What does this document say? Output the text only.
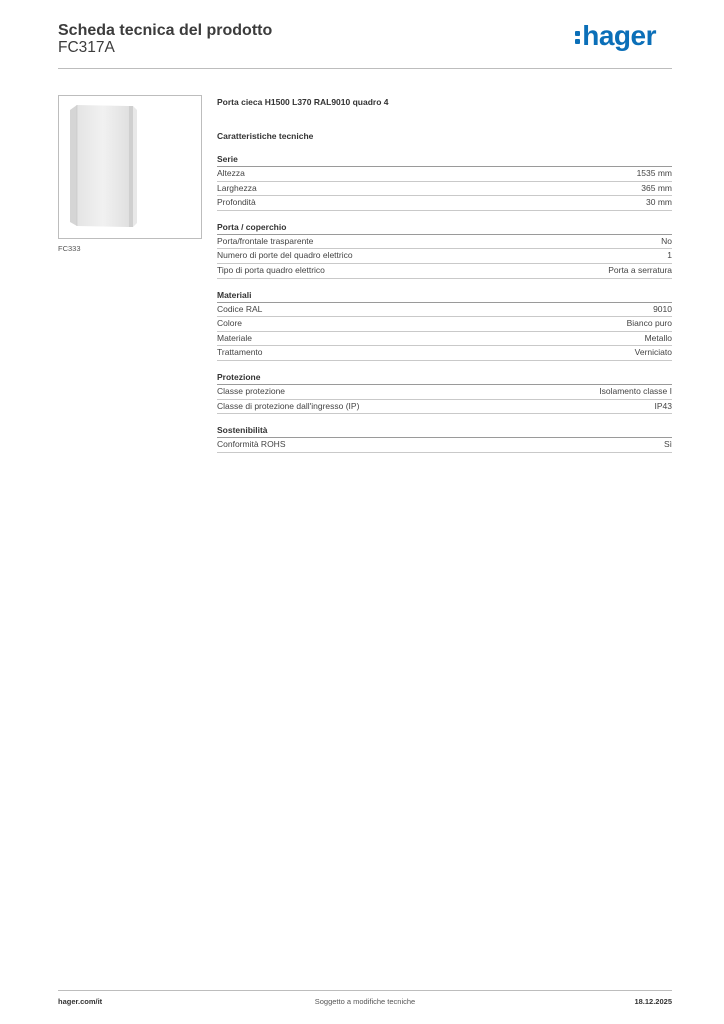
Scheda tecnica del prodotto
FC317A	hager
FC333
Porta cieca H1500 L370 RAL9010 quadro 4
Caratteristiche tecniche
Serie
Altezza	1535 mm
Larghezza	365 mm
Profondità	30 mm
Porta / coperchio
Porta/frontale trasparente	No
Numero di porte del quadro elettrico	1
Tipo di porta quadro elettrico	Porta a serratura
Materiali
Codice RAL	9010
Colore	Bianco puro
Materiale	Metallo
Trattamento	Verniciato
Protezione
Classe protezione	Isolamento classe I
Classe di protezione dall'ingresso (IP)	IP43
Sostenibilità
Conformità ROHS	Sì
hager.com/it	Soggetto a modifiche tecniche	18.12.2025
